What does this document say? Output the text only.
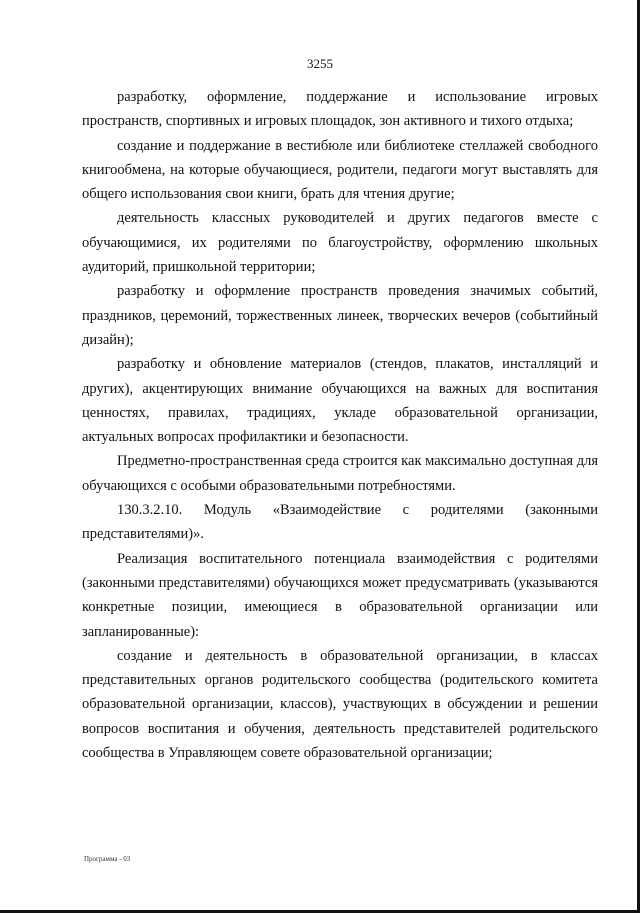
3255

разработку, оформление, поддержание и использование игровых пространств, спортивных и игровых площадок, зон активного и тихого отдыха;

создание и поддержание в вестибюле или библиотеке стеллажей свободного книгообмена, на которые обучающиеся, родители, педагоги могут выставлять для общего использования свои книги, брать для чтения другие;

деятельность классных руководителей и других педагогов вместе с обучающимися, их родителями по благоустройству, оформлению школьных аудиторий, пришкольной территории;

разработку и оформление пространств проведения значимых событий, праздников, церемоний, торжественных линеек, творческих вечеров (событийный дизайн);

разработку и обновление материалов (стендов, плакатов, инсталляций и других), акцентирующих внимание обучающихся на важных для воспитания ценностях, правилах, традициях, укладе образовательной организации, актуальных вопросах профилактики и безопасности.

Предметно-пространственная среда строится как максимально доступная для обучающихся с особыми образовательными потребностями.

130.3.2.10. Модуль «Взаимодействие с родителями (законными представителями)».

Реализация воспитательного потенциала взаимодействия с родителями (законными представителями) обучающихся может предусматривать (указываются конкретные позиции, имеющиеся в образовательной организации или запланированные):

создание и деятельность в образовательной организации, в классах представительных органов родительского сообщества (родительского комитета образовательной организации, классов), участвующих в обсуждении и решении вопросов воспитания и обучения, деятельность представителей родительского сообщества в Управляющем совете образовательной организации;

Программа - 03
